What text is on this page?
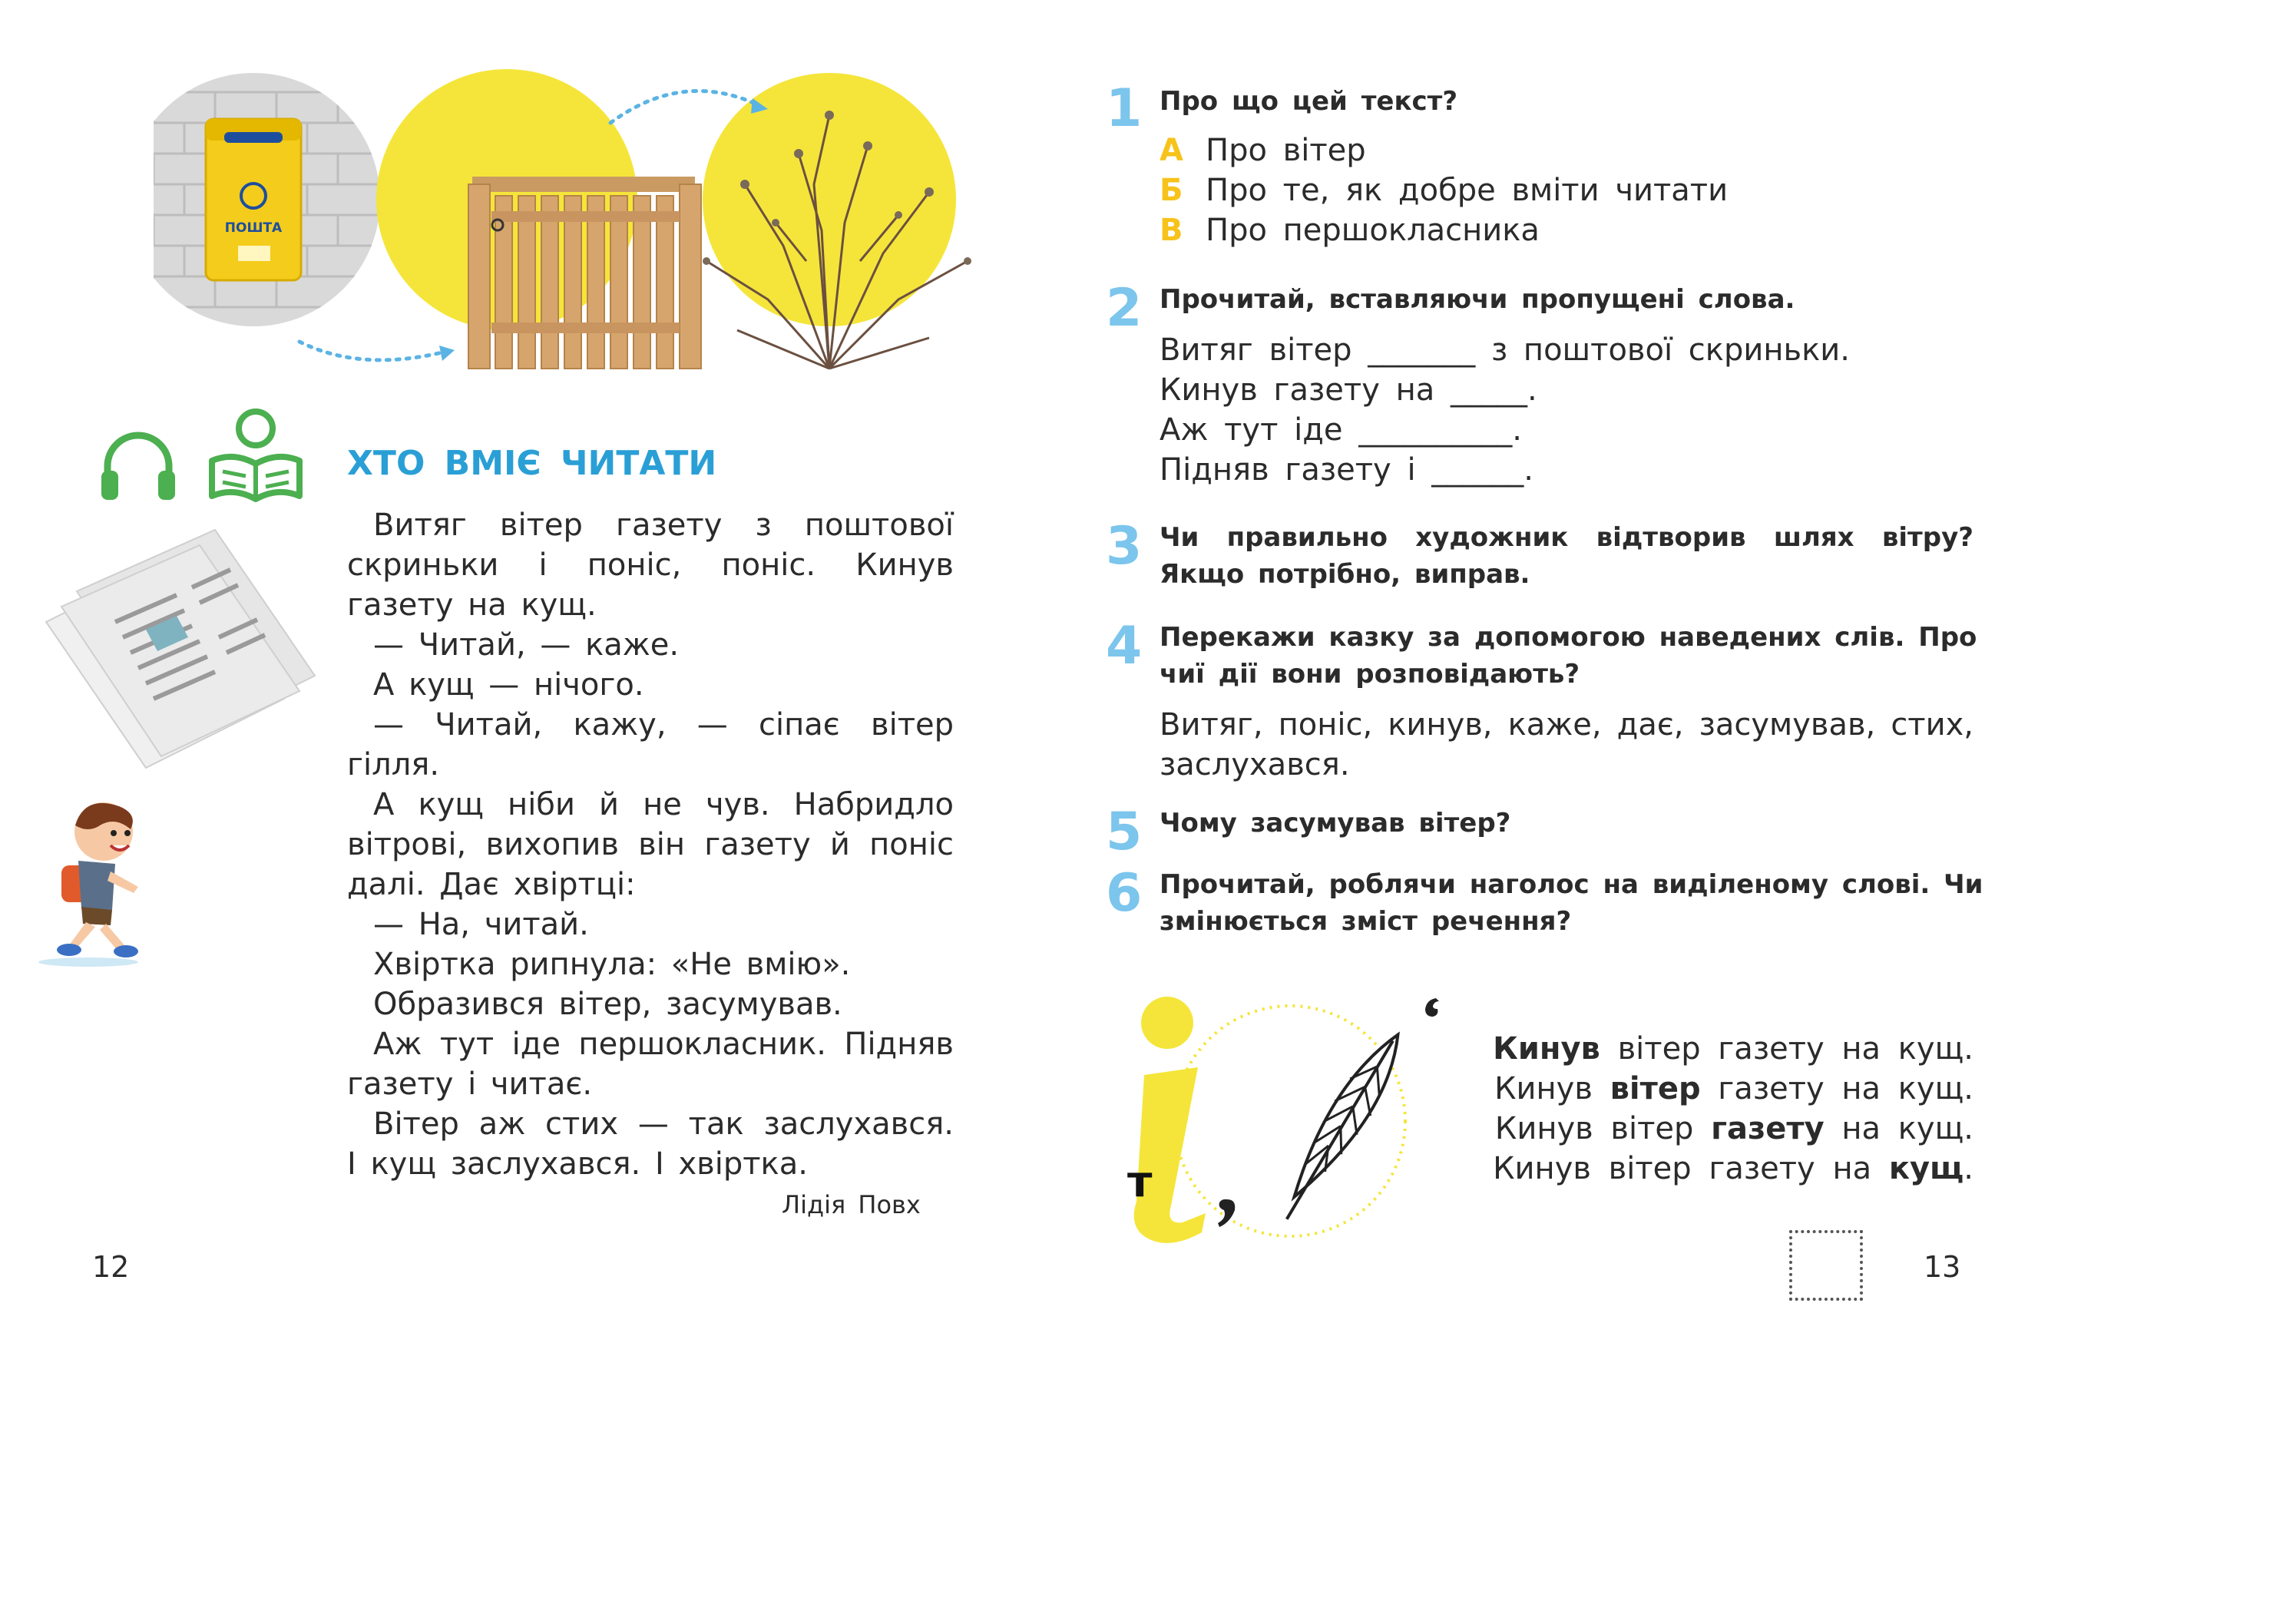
ПОШТА
ХТО ВМІЄ ЧИТАТИ
Витяг вітер газету з поштової
скриньки і поніс, поніс. Кинув
газету на кущ.
— Читай, — каже.
А кущ — нічого.
— Читай, кажу, — сіпає вітер
гілля.
А кущ ніби й не чув. Набридло
вітрові, вихопив він газету й поніс
далі. Дає хвіртці:
— На, читай.
Хвіртка рипнула: «Не вмію».
Образився вітер, засумував.
Аж тут іде першокласник. Підняв
газету і читає.
Вітер аж стих — так заслухався.
І кущ заслухався. І хвіртка.
Лідія Повх
12
1 Про що цей текст?
А Про вітер
Б Про те, як добре вміти читати
В Про першокласника
2 Прочитай, вставляючи пропущені слова.
Витяг вітер _______ з поштової скриньки.
Кинув газету на _____.
Аж тут іде __________.
Підняв газету і ______.
3 Чи правильно художник відтворив шлях вітру?
Якщо потрібно, виправ.
4 Перекажи казку за допомогою наведених слів. Про
чиї дії вони розповідають?
Витяг, поніс, кинув, каже, дає, засумував, стих,
заслухався.
5 Чому засумував вітер?
6 Прочитай, роблячи наголос на виділеному слові. Чи
змінюється зміст речення?
т
Кинув вітер газету на кущ.
Кинув вітер газету на кущ.
Кинув вітер газету на кущ.
Кинув вітер газету на кущ.
13
